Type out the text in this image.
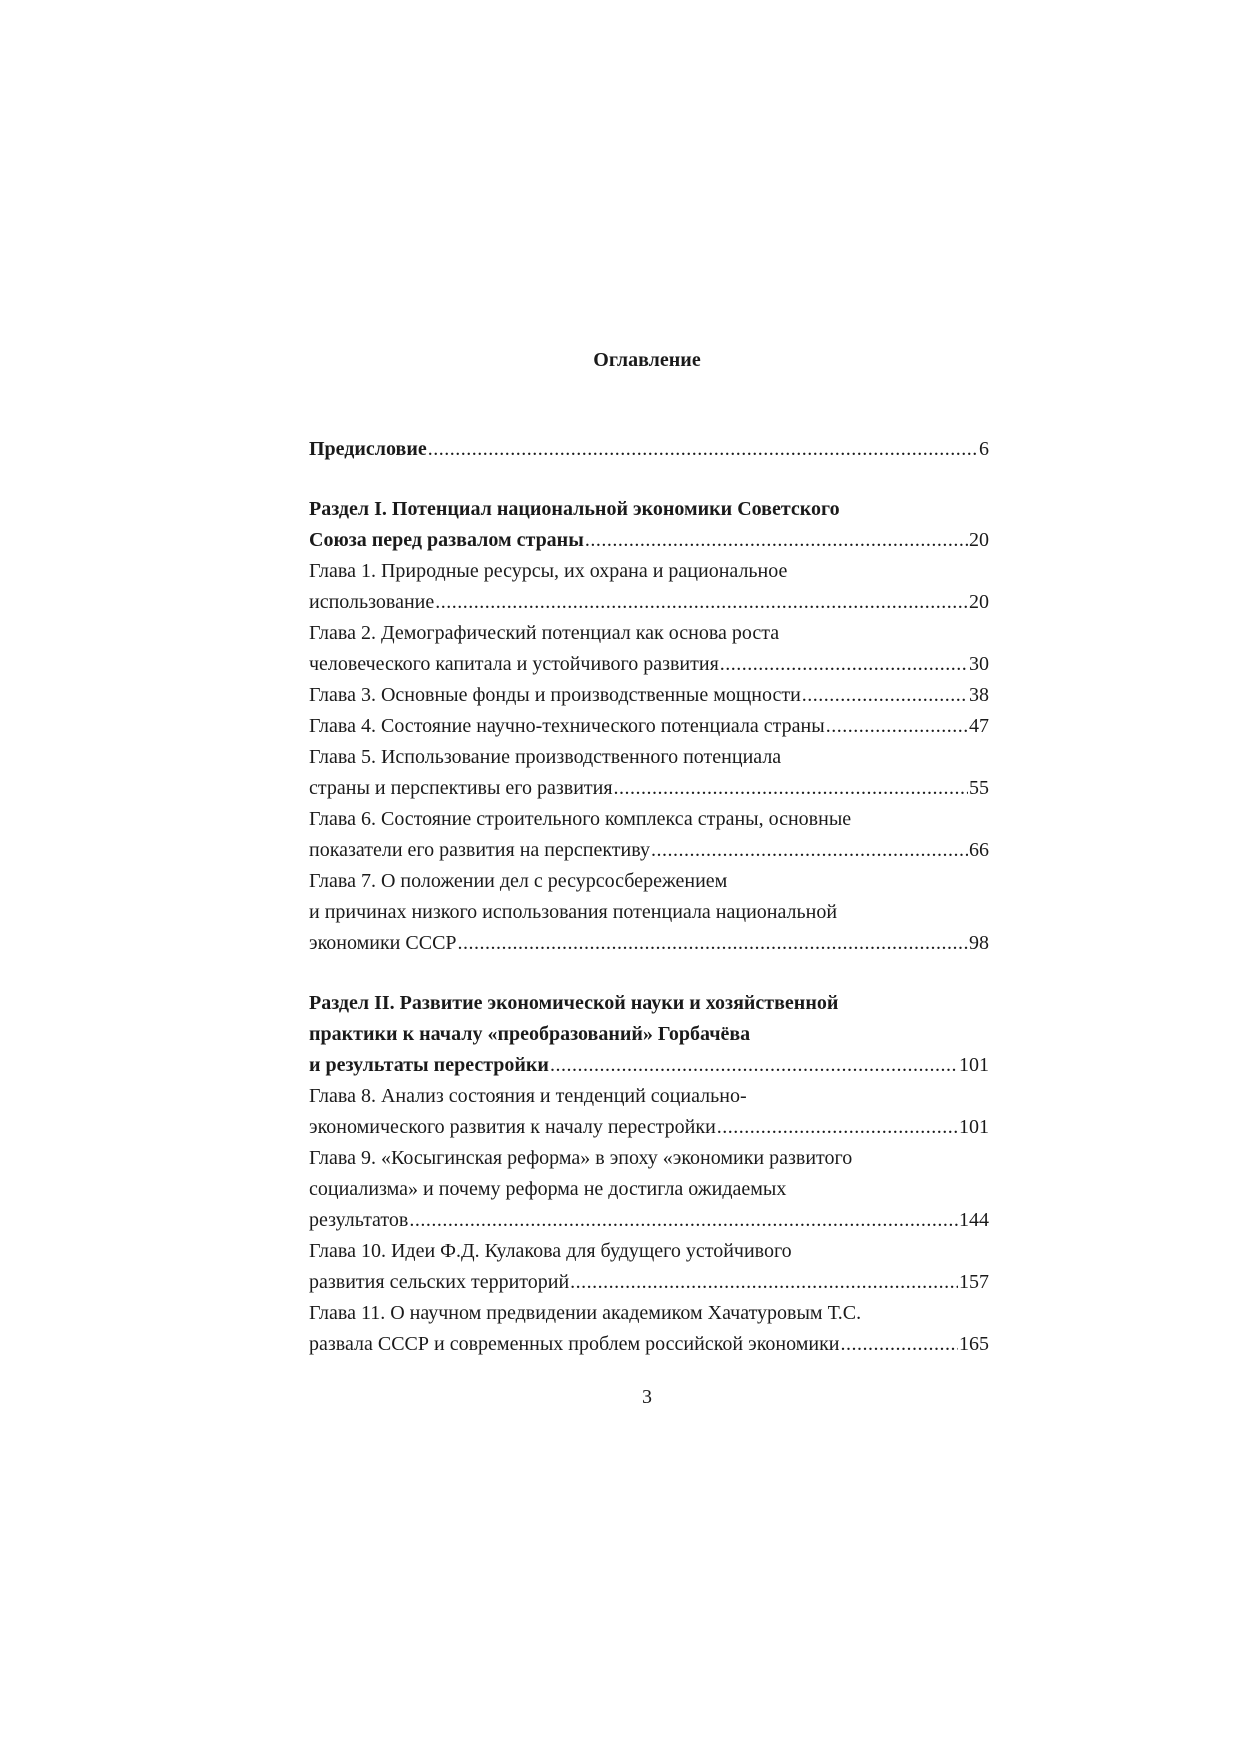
Оглавление
Предисловие .....	6
Раздел I. Потенциал национальной экономики Советского
Союза перед развалом страны .....	20
Глава 1. Природные ресурсы, их охрана и рациональное
использование .....	20
Глава 2. Демографический потенциал как основа роста
человеческого капитала и устойчивого развития .....	30
Глава 3. Основные фонды и производственные мощности .....	38
Глава 4. Состояние научно-технического потенциала страны .....	47
Глава 5. Использование производственного потенциала
страны и перспективы его развития .....	55
Глава 6. Состояние строительного комплекса страны, основные
показатели его развития на перспективу .....	66
Глава 7. О положении дел с ресурсосбережением
и причинах низкого использования потенциала национальной
экономики СССР .....	98
Раздел II. Развитие экономической науки и хозяйственной
практики к началу «преобразований» Горбачёва
и результаты перестройки .....	101
Глава 8. Анализ состояния и тенденций социально-
экономического развития к началу перестройки .....	101
Глава 9. «Косыгинская реформа» в эпоху «экономики развитого
социализма» и почему реформа не достигла ожидаемых
результатов .....	144
Глава 10. Идеи Ф.Д. Кулакова для будущего устойчивого
развития сельских территорий .....	157
Глава 11. О научном предвидении академиком Хачатуровым Т.С.
развала СССР и современных проблем российской экономики .....	165
3
